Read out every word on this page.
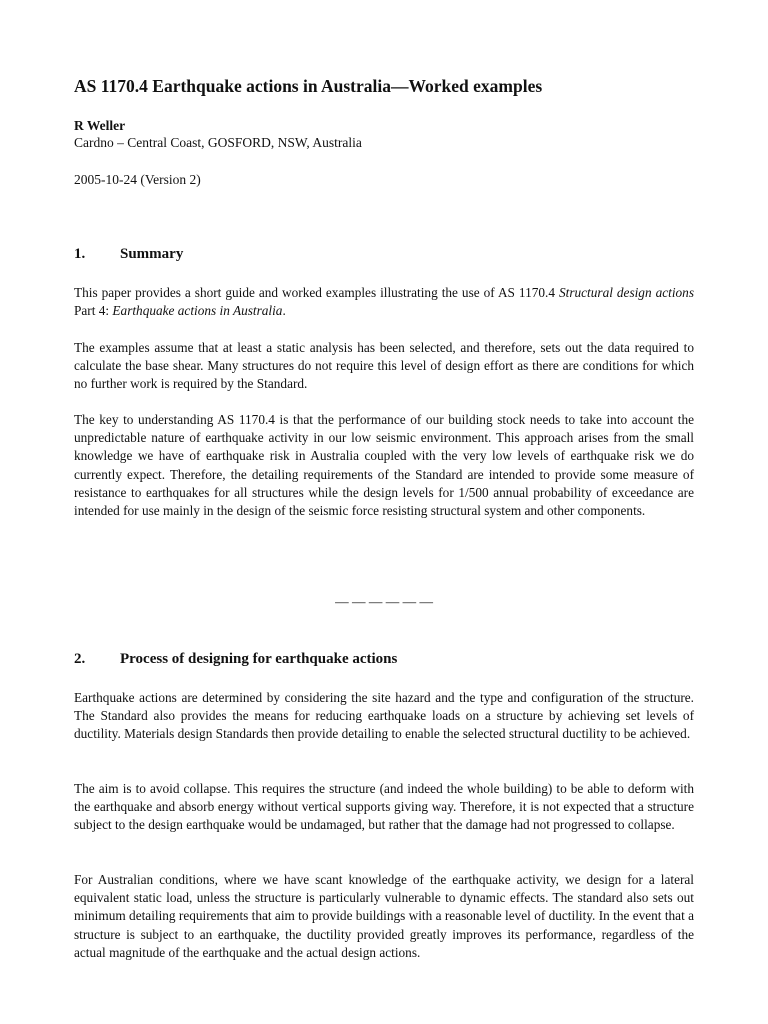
AS 1170.4 Earthquake actions in Australia—Worked examples
R Weller
Cardno – Central Coast, GOSFORD, NSW, Australia
2005-10-24 (Version 2)
1. Summary
This paper provides a short guide and worked examples illustrating the use of AS 1170.4 Structural design actions Part 4: Earthquake actions in Australia.
The examples assume that at least a static analysis has been selected, and therefore, sets out the data required to calculate the base shear. Many structures do not require this level of design effort as there are conditions for which no further work is required by the Standard.
The key to understanding AS 1170.4 is that the performance of our building stock needs to take into account the unpredictable nature of earthquake activity in our low seismic environment. This approach arises from the small knowledge we have of earthquake risk in Australia coupled with the very low levels of earthquake risk we do currently expect. Therefore, the detailing requirements of the Standard are intended to provide some measure of resistance to earthquakes for all structures while the design levels for 1/500 annual probability of exceedance are intended for use mainly in the design of the seismic force resisting structural system and other components.
— — — — — —
2. Process of designing for earthquake actions
Earthquake actions are determined by considering the site hazard and the type and configuration of the structure. The Standard also provides the means for reducing earthquake loads on a structure by achieving set levels of ductility. Materials design Standards then provide detailing to enable the selected structural ductility to be achieved.
The aim is to avoid collapse. This requires the structure (and indeed the whole building) to be able to deform with the earthquake and absorb energy without vertical supports giving way. Therefore, it is not expected that a structure subject to the design earthquake would be undamaged, but rather that the damage had not progressed to collapse.
For Australian conditions, where we have scant knowledge of the earthquake activity, we design for a lateral equivalent static load, unless the structure is particularly vulnerable to dynamic effects. The standard also sets out minimum detailing requirements that aim to provide buildings with a reasonable level of ductility. In the event that a structure is subject to an earthquake, the ductility provided greatly improves its performance, regardless of the actual magnitude of the earthquake and the actual design actions.
